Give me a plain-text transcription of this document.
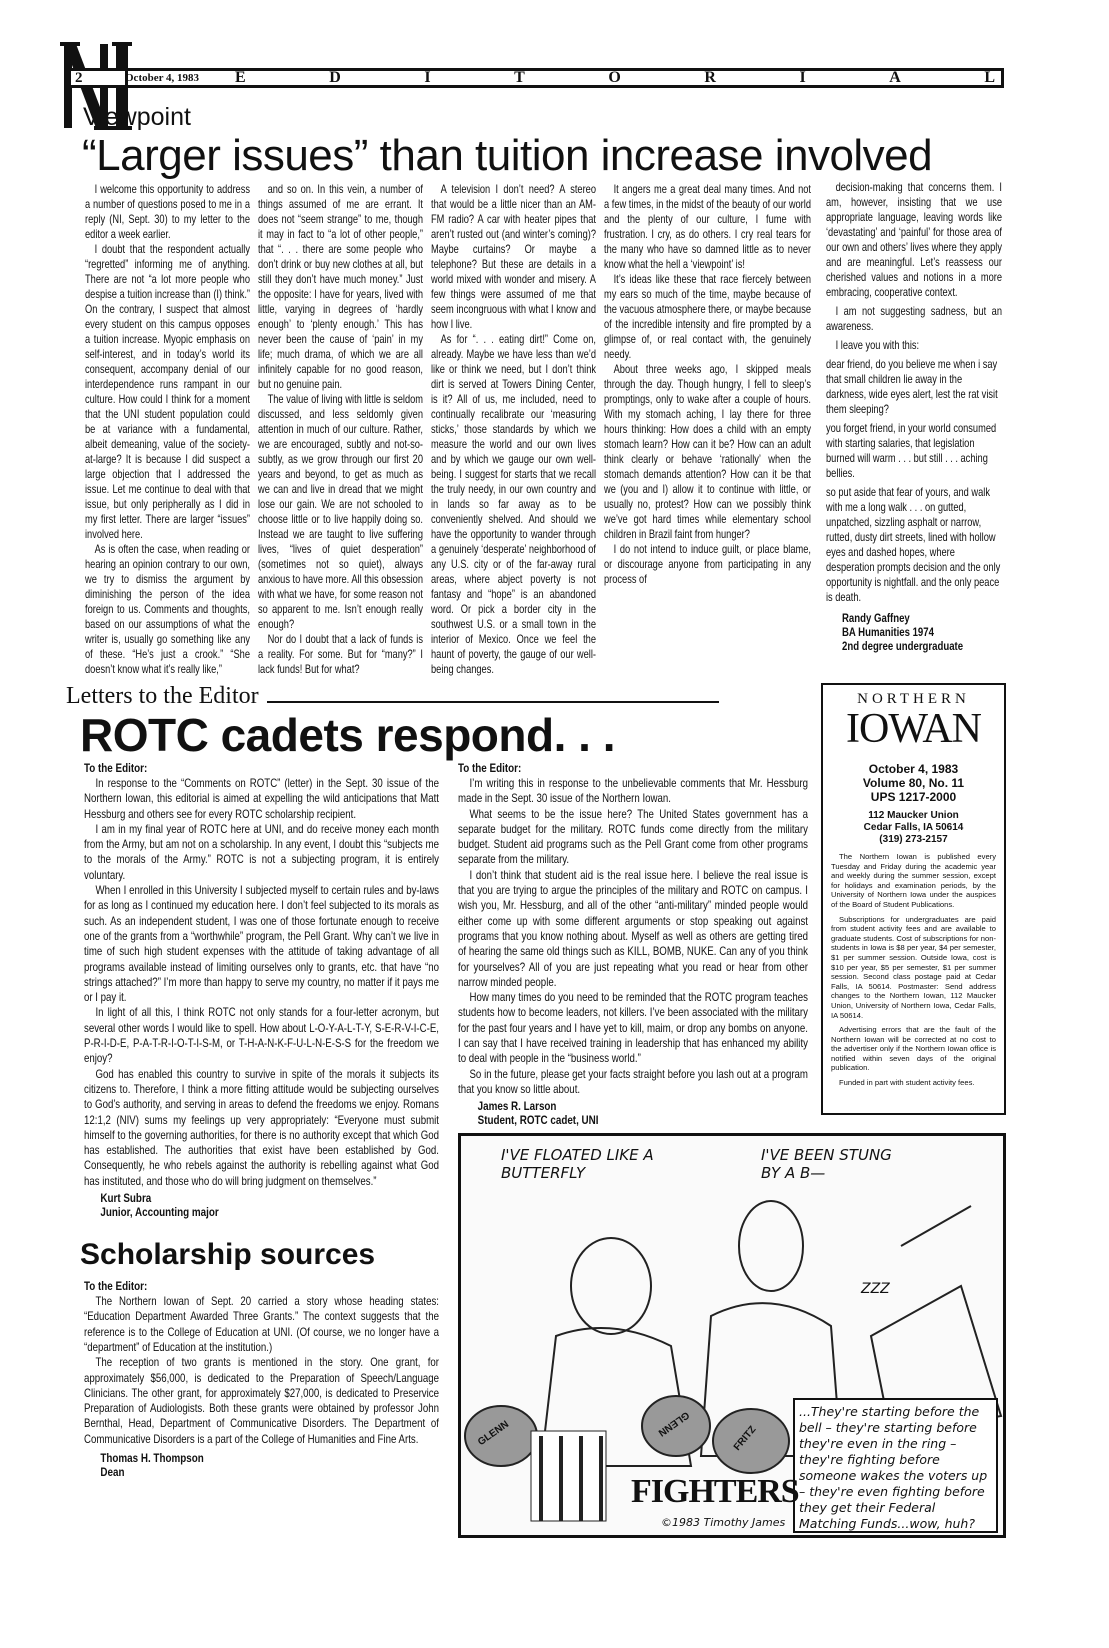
2	October 4, 1983	E	D	I	T	O	R	I	A	L
Viewpoint
“Larger issues” than tuition increase involved

I welcome this opportunity to address a number of questions posed to me in a reply (NI, Sept. 30) to my letter to the editor a week earlier.

I doubt that the respondent actually “regretted” informing me of anything. There are not “a lot more people who despise a tuition increase than (I) think.” On the contrary, I suspect that almost every student on this campus opposes a tuition increase. Myopic emphasis on self-interest, and in today’s world its consequent, accompany denial of our interdependence runs rampant in our culture. How could I think for a moment that the UNI student population could be at variance with a fundamental, albeit demeaning, value of the society-at-large? It is because I did suspect a large objection that I addressed the issue. Let me continue to deal with that issue, but only peripherally as I did in my first letter. There are larger “issues” involved here.

As is often the case, when reading or hearing an opinion contrary to our own, we try to dismiss the argument by diminishing the person of the idea foreign to us. Comments and thoughts, based on our assumptions of what the writer is, usually go something like any of these. “He’s just a crook.” “She doesn’t know what it’s really like,”

and so on. In this vein, a number of things assumed of me are errant. It does not “seem strange” to me, though it may in fact to “a lot of other people,” that “. . . there are some people who don’t drink or buy new clothes at all, but still they don’t have much money.” Just the opposite: I have for years, lived with little, varying in degrees of ‘hardly enough’ to ‘plenty enough.’ This has never been the cause of ‘pain’ in my life; much drama, of which we are all infinitely capable for no good reason, but no genuine pain.

The value of living with little is seldom discussed, and less seldomly given attention in much of our culture. Rather, we are encouraged, subtly and not-so-subtly, as we grow through our first 20 years and beyond, to get as much as we can and live in dread that we might lose our gain. We are not schooled to choose little or to live happily doing so. Instead we are taught to live suffering lives, “lives of quiet desperation” (sometimes not so quiet), always anxious to have more. All this obsession with what we have, for some reason not so apparent to me. Isn’t enough really enough?

Nor do I doubt that a lack of funds is a reality. For some. But for “many?” I lack funds! But for what?

A television I don’t need? A stereo that would be a little nicer than an AM-FM radio? A car with heater pipes that aren’t rusted out (and winter’s coming)? Maybe curtains? Or maybe a telephone? But these are details in a world mixed with wonder and misery. A few things were assumed of me that seem incongruous with what I know and how I live.

As for “. . . eating dirt!” Come on, already. Maybe we have less than we’d like or think we need, but I don’t think dirt is served at Towers Dining Center, is it? All of us, me included, need to continually recalibrate our ‘measuring sticks,’ those standards by which we measure the world and our own lives and by which we gauge our own well-being. I suggest for starts that we recall the truly needy, in our own country and in lands so far away as to be conveniently shelved. And should we have the opportunity to wander through a genuinely ‘desperate’ neighborhood of any U.S. city or of the far-away rural areas, where abject poverty is not fantasy and “hope” is an abandoned word. Or pick a border city in the southwest U.S. or a small town in the interior of Mexico. Once we feel the haunt of poverty, the gauge of our well-being changes.

It angers me a great deal many times. And not a few times, in the midst of the beauty of our world and the plenty of our culture, I fume with frustration. I cry, as do others. I cry real tears for the many who have so damned little as to never know what the hell a ‘viewpoint’ is!

It’s ideas like these that race fiercely between my ears so much of the time, maybe because of the vacuous atmosphere there, or maybe because of the incredible intensity and fire prompted by a glimpse of, or real contact with, the genuinely needy.

About three weeks ago, I skipped meals through the day. Though hungry, I fell to sleep’s promptings, only to wake after a couple of hours. With my stomach aching, I lay there for three hours thinking: How does a child with an empty stomach learn? How can it be? How can an adult think clearly or behave ‘rationally’ when the stomach demands attention? How can it be that we (you and I) allow it to continue with little, or usually no, protest? How can we possibly think we’ve got hard times while elementary school children in Brazil faint from hunger?

I do not intend to induce guilt, or place blame, or discourage anyone from participating in any process of

decision-making that concerns them. I am, however, insisting that we use appropriate language, leaving words like ‘devastating’ and ‘painful’ for those area of our own and others’ lives where they apply and are meaningful. Let’s reassess our cherished values and notions in a more embracing, cooperative context.

I am not suggesting sadness, but an awareness.

I leave you with this:

dear friend, do you believe me when i say that small children lie away in the darkness, wide eyes alert, lest the rat visit them sleeping?

you forget friend, in your world consumed with starting salaries, that legislation burned will warm . . . but still . . . aching bellies.

so put aside that fear of yours, and walk with me a long walk . . . on gutted, unpatched, sizzling asphalt or narrow, rutted, dusty dirt streets, lined with hollow eyes and dashed hopes, where desperation prompts decision and the only opportunity is nightfall. and the only peace is death.

Randy Gaffney
BA Humanities 1974
2nd degree undergraduate
Letters to the Editor
ROTC cadets respond. . .
To the Editor:

In response to the “Comments on ROTC” (letter) in the Sept. 30 issue of the Northern Iowan, this editorial is aimed at expelling the wild anticipations that Matt Hessburg and others see for every ROTC scholarship recipient.

I am in my final year of ROTC here at UNI, and do receive money each month from the Army, but am not on a scholarship. In any event, I doubt this “subjects me to the morals of the Army.” ROTC is not a subjecting program, it is entirely voluntary.

When I enrolled in this University I subjected myself to certain rules and by-laws for as long as I continued my education here. I don’t feel subjected to its morals as such. As an independent student, I was one of those fortunate enough to receive one of the grants from a “worthwhile” program, the Pell Grant. Why can’t we live in time of such high student expenses with the attitude of taking advantage of all programs available instead of limiting ourselves only to grants, etc. that have “no strings attached?” I’m more than happy to serve my country, no matter if it pays me or I pay it.

In light of all this, I think ROTC not only stands for a four-letter acronym, but several other words I would like to spell. How about L-O-Y-A-L-T-Y, S-E-R-V-I-C-E, P-R-I-D-E, P-A-T-R-I-O-T-I-S-M, or T-H-A-N-K-F-U-L-N-E-S-S for the freedom we enjoy?

God has enabled this country to survive in spite of the morals it subjects its citizens to. Therefore, I think a more fitting attitude would be subjecting ourselves to God’s authority, and serving in areas to defend the freedoms we enjoy. Romans 12:1,2 (NIV) sums my feelings up very appropriately: “Everyone must submit himself to the governing authorities, for there is no authority except that which God has established. The authorities that exist have been established by God. Consequently, he who rebels against the authority is rebelling against what God has instituted, and those who do will bring judgment on themselves.”

Kurt Subra
Junior, Accounting major
Scholarship sources
To the Editor:

The Northern Iowan of Sept. 20 carried a story whose heading states: “Education Department Awarded Three Grants.” The context suggests that the reference is to the College of Education at UNI. (Of course, we no longer have a “department” of Education at the institution.)

The reception of two grants is mentioned in the story. One grant, for approximately $56,000, is dedicated to the Preparation of Speech/Language Clinicians. The other grant, for approximately $27,000, is dedicated to Preservice Preparation of Audiologists. Both these grants were obtained by professor John Bernthal, Head, Department of Communicative Disorders. The Department of Communicative Disorders is a part of the College of Humanities and Fine Arts.

Thomas H. Thompson
Dean
To the Editor:

I’m writing this in response to the unbelievable comments that Mr. Hessburg made in the Sept. 30 issue of the Northern Iowan.

What seems to be the issue here? The United States government has a separate budget for the military. ROTC funds come directly from the military budget. Student aid programs such as the Pell Grant come from other programs separate from the military.

I don’t think that student aid is the real issue here. I believe the real issue is that you are trying to argue the principles of the military and ROTC on campus. I wish you, Mr. Hessburg, and all of the other “anti-military” minded people would either come up with some different arguments or stop speaking out against programs that you know nothing about. Myself as well as others are getting tired of hearing the same old things such as KILL, BOMB, NUKE. Can any of you think for yourselves? All of you are just repeating what you read or hear from other narrow minded people.

How many times do you need to be reminded that the ROTC program teaches students how to become leaders, not killers. I’ve been associated with the military for the past four years and I have yet to kill, maim, or drop any bombs on anyone. I can say that I have received training in leadership that has enhanced my ability to deal with people in the “business world.”

So in the future, please get your facts straight before you lash out at a program that you know so little about.

James R. Larson
Student, ROTC cadet, UNI
NORTHERN
IOWAN
October 4, 1983
Volume 80, No. 11
UPS 1217-2000
112 Maucker Union
Cedar Falls, IA 50614
(319) 273-2157

The Northern Iowan is published every Tuesday and Friday during the academic year and weekly during the summer session, except for holidays and examination periods, by the University of Northern Iowa under the auspices of the Board of Student Publications.

Subscriptions for undergraduates are paid from student activity fees and are available to graduate students. Cost of subscriptions for non-students in Iowa is $8 per year, $4 per semester, $1 per summer session. Outside Iowa, cost is $10 per year, $5 per semester, $1 per summer session. Second class postage paid at Cedar Falls, IA 50614. Postmaster: Send address changes to the Northern Iowan, 112 Maucker Union, University of Northern Iowa, Cedar Falls, IA 50614.

Advertising errors that are the fault of the Northern Iowan will be corrected at no cost to the advertiser only if the Northern Iowan office is notified within seven days of the original publication.

Funded in part with student activity fees.

I'VE FLOATED LIKE A BUTTERFLY
I'VE BEEN STUNG BY A B—
ZZZ
GLENN	GLENN
FRITZ
...They're starting before the bell – they're starting before they're even in the ring – they're fighting before someone wakes the voters up – they're even fighting before they get their Federal Matching Funds...wow, huh?
FIGHTERS
©1983 Timothy James
